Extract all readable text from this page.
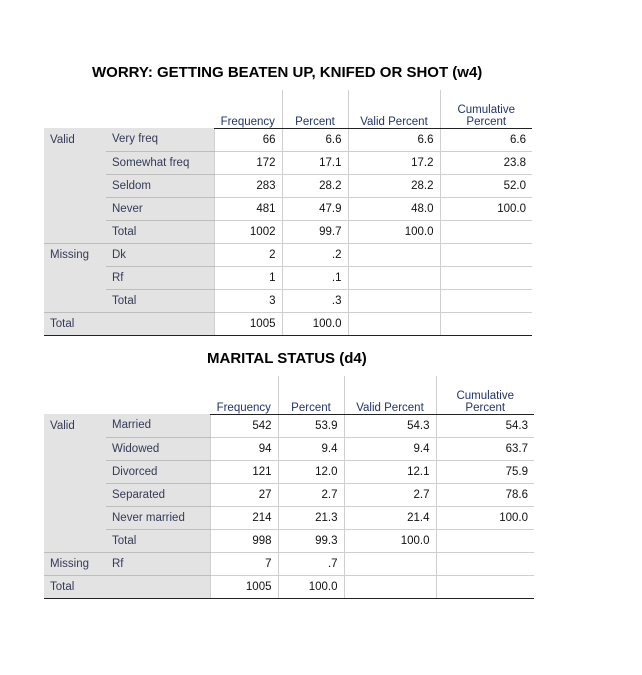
WORRY: GETTING BEATEN UP, KNIFED OR SHOT (w4)
		Frequency	Percent	Valid Percent	Cumulative
Percent
Valid	Very freq	66	6.6	6.6	6.6
	Somewhat freq	172	17.1	17.2	23.8
	Seldom	283	28.2	28.2	52.0
	Never	481	47.9	48.0	100.0
	Total	1002	99.7	100.0	
Missing	Dk	2	.2		
	Rf	1	.1		
	Total	3	.3		
Total		1005	100.0		
MARITAL STATUS (d4)
		Frequency	Percent	Valid Percent	Cumulative
Percent
Valid	Married	542	53.9	54.3	54.3
	Widowed	94	9.4	9.4	63.7
	Divorced	121	12.0	12.1	75.9
	Separated	27	2.7	2.7	78.6
	Never married	214	21.3	21.4	100.0
	Total	998	99.3	100.0	
Missing	Rf	7	.7		
Total		1005	100.0		
